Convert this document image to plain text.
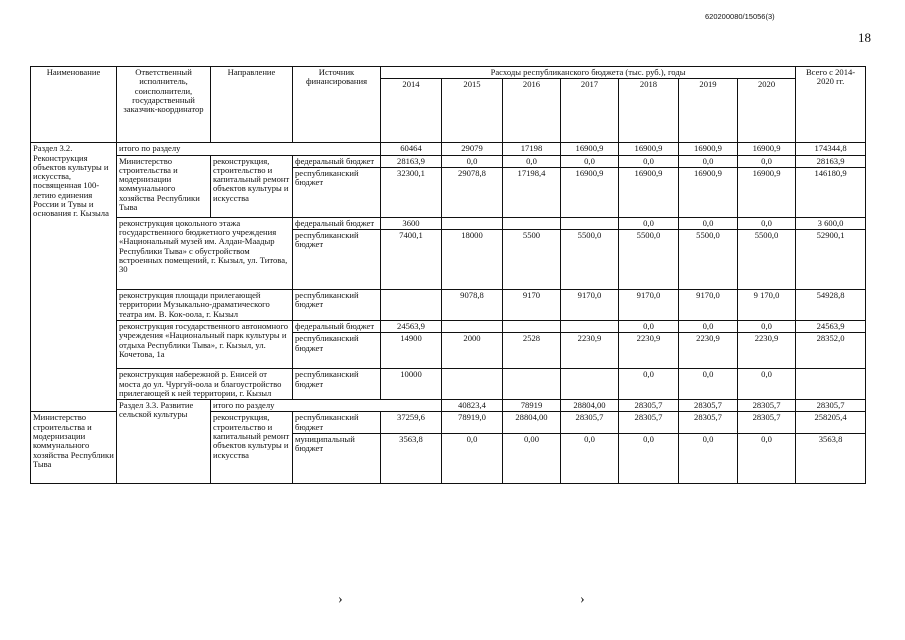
620200080/15056(3)
18
Наименование	Ответственный исполнитель, соисполнители, государственный заказчик-координатор	Направление	Источник финансирования	Расходы республиканского бюджета (тыс. руб.), годы							Всего с 2014-2020 гг.	
				2014	2015	2016	2017	2018	2019	2020		
Раздел 3.2. Реконструкция объектов культуры и искусства, посвященная 100-летию единения России и Тувы и основания г. Кызыла	итого по разделу			60464	29079	17198	16900,9	16900,9	16900,9	16900,9	174344,8	
	Министерство строительства и модернизации коммунального хозяйства Республики Тыва	реконструкция, строительство и капитальный ремонт объектов культуры и искусства	федеральный бюджет	28163,9	0,0	0,0	0,0	0,0	0,0	0,0	28163,9	
			республиканский бюджет	32300,1	29078,8	17198,4	16900,9	16900,9	16900,9	16900,9	146180,9	
	реконструкция цокольного этажа государственного бюджетного учреждения «Национальный музей им. Алдан-Маадыр Республики Тыва» с обустройством встроенных помещений, г. Кызыл, ул. Титова, 30		федеральный бюджет	3600				0,0	0,0	0,0	3 600,0	
			республиканский бюджет	7400,1	18000	5500	5500,0	5500,0	5500,0	5500,0	52900,1	
	реконструкция площади прилегающей территории Музыкально-драматического театра им. В. Кок-оола, г. Кызыл		республиканский бюджет		9078,8	9170	9170,0	9170,0	9170,0	9 170,0	54928,8	
	реконструкция государственного автономного учреждения «Национальный парк культуры и отдыха Республики Тыва», г. Кызыл, ул. Кочетова, 1а		федеральный бюджет	24563,9				0,0	0,0	0,0	24563,9	
			республиканский бюджет	14900	2000	2528	2230,9	2230,9	2230,9	2230,9	28352,0	
	реконструкция набережной р. Енисей от моста до ул. Чургуй-оола и благоустройство прилегающей к ней территории, г. Кызыл		республиканский бюджет	10000				0,0	0,0	0,0		
	Раздел 3.3. Развитие сельской культуры	итого по разделу			40823,4	78919	28804,00	28305,7	28305,7	28305,7	28305,7	
Министерство строительства и модернизации коммунального хозяйства Республики Тыва		реконструкция, строительство и капитальный ремонт объектов культуры и искусства	республиканский бюджет	37259,6	78919,0	28804,00	28305,7	28305,7	28305,7	28305,7	258205,4	
			муниципальный бюджет	3563,8	0,0	0,00	0,0	0,0	0,0	0,0	3563,8	
›	›
